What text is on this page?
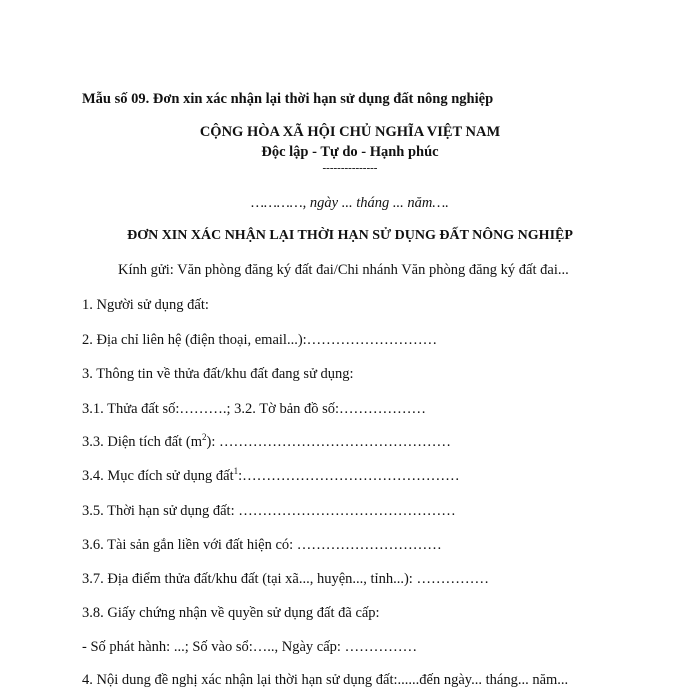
Mẫu số 09. Đơn xin xác nhận lại thời hạn sử dụng đất nông nghiệp
CỘNG HÒA XÃ HỘI CHỦ NGHĨA VIỆT NAM
Độc lập - Tự do - Hạnh phúc
---------------
…………, ngày ... tháng ... năm….
ĐƠN XIN XÁC NHẬN LẠI THỜI HẠN SỬ DỤNG ĐẤT NÔNG NGHIỆP
Kính gửi: Văn phòng đăng ký đất đai/Chi nhánh Văn phòng đăng ký đất đai...
1. Người sử dụng đất:
2. Địa chỉ liên hệ (điện thoại, email...):………………………
3. Thông tin về thửa đất/khu đất đang sử dụng:
3.1. Thửa đất số:……….; 3.2. Tờ bản đồ số:………………
3.3. Diện tích đất $(m^2)$: …………………………………………
3.4. Mục đích sử dụng đất$^1$:………………………………………
3.5. Thời hạn sử dụng đất: ………………………………………
3.6. Tài sản gắn liền với đất hiện có: …………………………
3.7. Địa điểm thửa đất/khu đất (tại xã..., huyện..., tỉnh...): ……………
3.8. Giấy chứng nhận về quyền sử dụng đất đã cấp:
- Số phát hành: ...; Số vào sổ:….., Ngày cấp: ……………
4. Nội dung đề nghị xác nhận lại thời hạn sử dụng đất:......đến ngày... tháng... năm...
